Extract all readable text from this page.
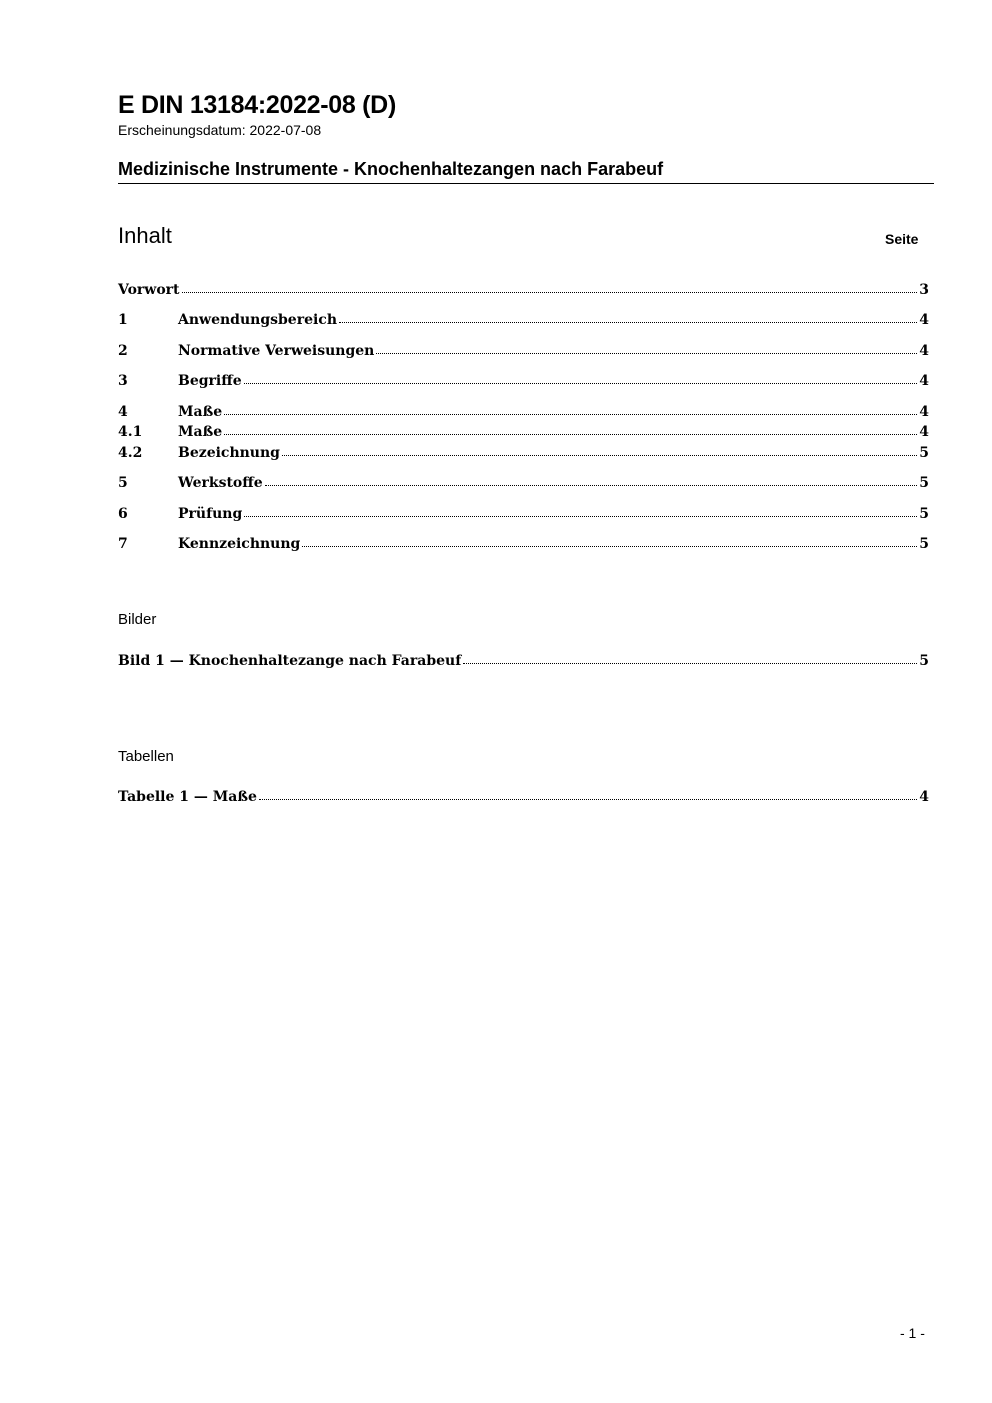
E DIN 13184:2022-08 (D)
Erscheinungsdatum: 2022-07-08
Medizinische Instrumente - Knochenhaltezangen nach Farabeuf
Inhalt	Seite
Vorwort	3
1	Anwendungsbereich	4
2	Normative Verweisungen	4
3	Begriffe	4
4	Maße	4
4.1	Maße	4
4.2	Bezeichnung	5
5	Werkstoffe	5
6	Prüfung	5
7	Kennzeichnung	5
Bilder
Bild 1 — Knochenhaltezange nach Farabeuf	5
Tabellen
Tabelle 1 — Maße	4
- 1 -
